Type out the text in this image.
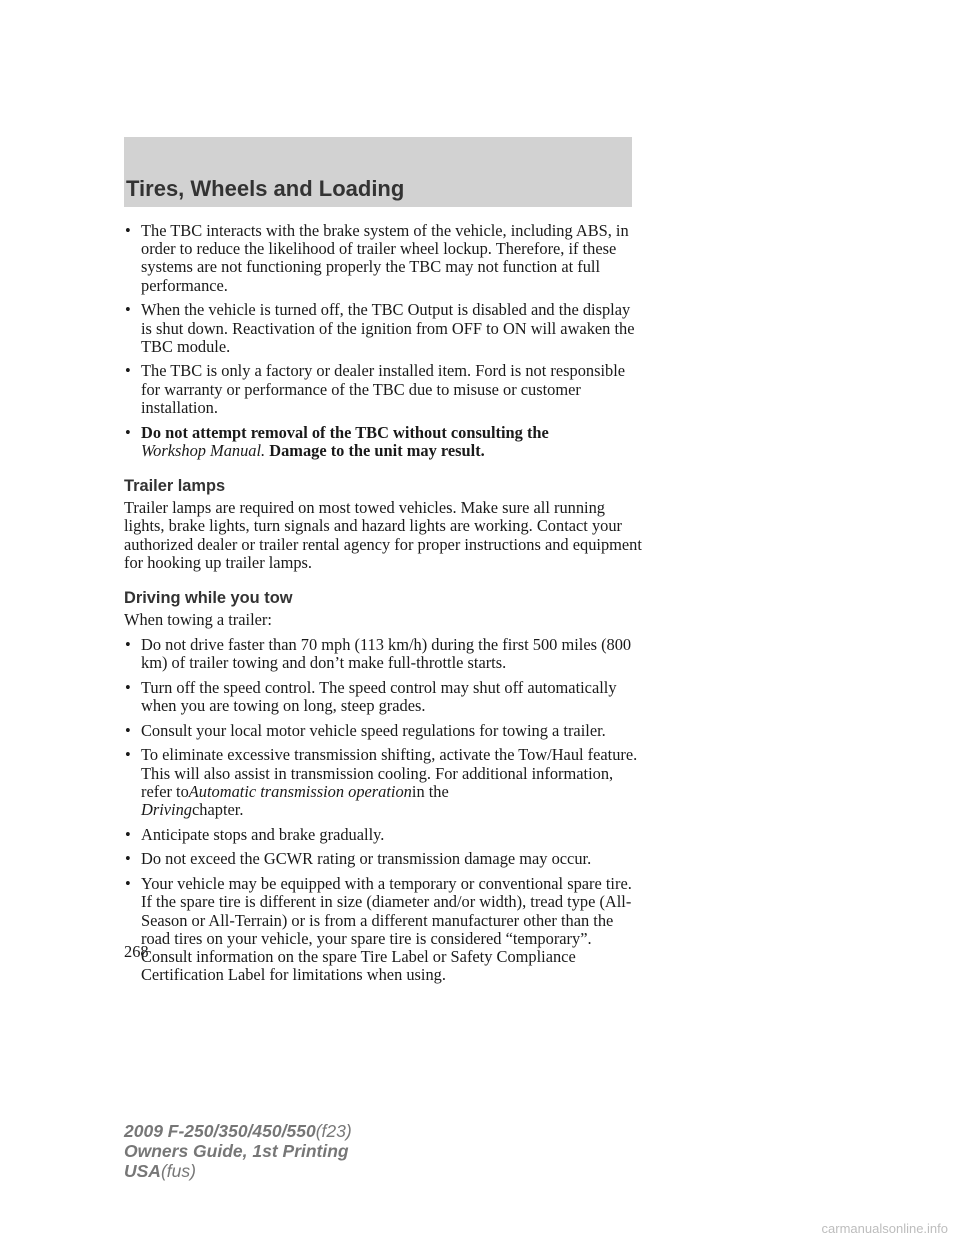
Tires, Wheels and Loading
• The TBC interacts with the brake system of the vehicle, including ABS, in order to reduce the likelihood of trailer wheel lockup. Therefore, if these systems are not functioning properly the TBC may not function at full performance.
• When the vehicle is turned off, the TBC Output is disabled and the display is shut down. Reactivation of the ignition from OFF to ON will awaken the TBC module.
• The TBC is only a factory or dealer installed item. Ford is not responsible for warranty or performance of the TBC due to misuse or customer installation.
• Do not attempt removal of the TBC without consulting the
Workshop Manual. Damage to the unit may result.
Trailer lamps

Trailer lamps are required on most towed vehicles. Make sure all running lights, brake lights, turn signals and hazard lights are working. Contact your authorized dealer or trailer rental agency for proper instructions and equipment for hooking up trailer lamps.

Driving while you tow

When towing a trailer:

• Do not drive faster than 70 mph (113 km/h) during the first 500 miles (800 km) of trailer towing and don’t make full-throttle starts.
• Turn off the speed control. The speed control may shut off automatically when you are towing on long, steep grades.
• Consult your local motor vehicle speed regulations for towing a trailer.
• To eliminate excessive transmission shifting, activate the Tow/Haul feature. This will also assist in transmission cooling. For additional information, refer toAutomatic transmission operationin the
Drivingchapter.
• Anticipate stops and brake gradually.
• Do not exceed the GCWR rating or transmission damage may occur.
• Your vehicle may be equipped with a temporary or conventional spare tire. If the spare tire is different in size (diameter and/or width), tread type (All-Season or All-Terrain) or is from a different manufacturer other than the road tires on your vehicle, your spare tire is considered “temporary”. Consult information on the spare Tire Label or Safety Compliance Certification Label for limitations when using.

268

2009 F-250/350/450/550(f23)
Owners Guide, 1st Printing
USA(fus)

carmanualsonline.info
